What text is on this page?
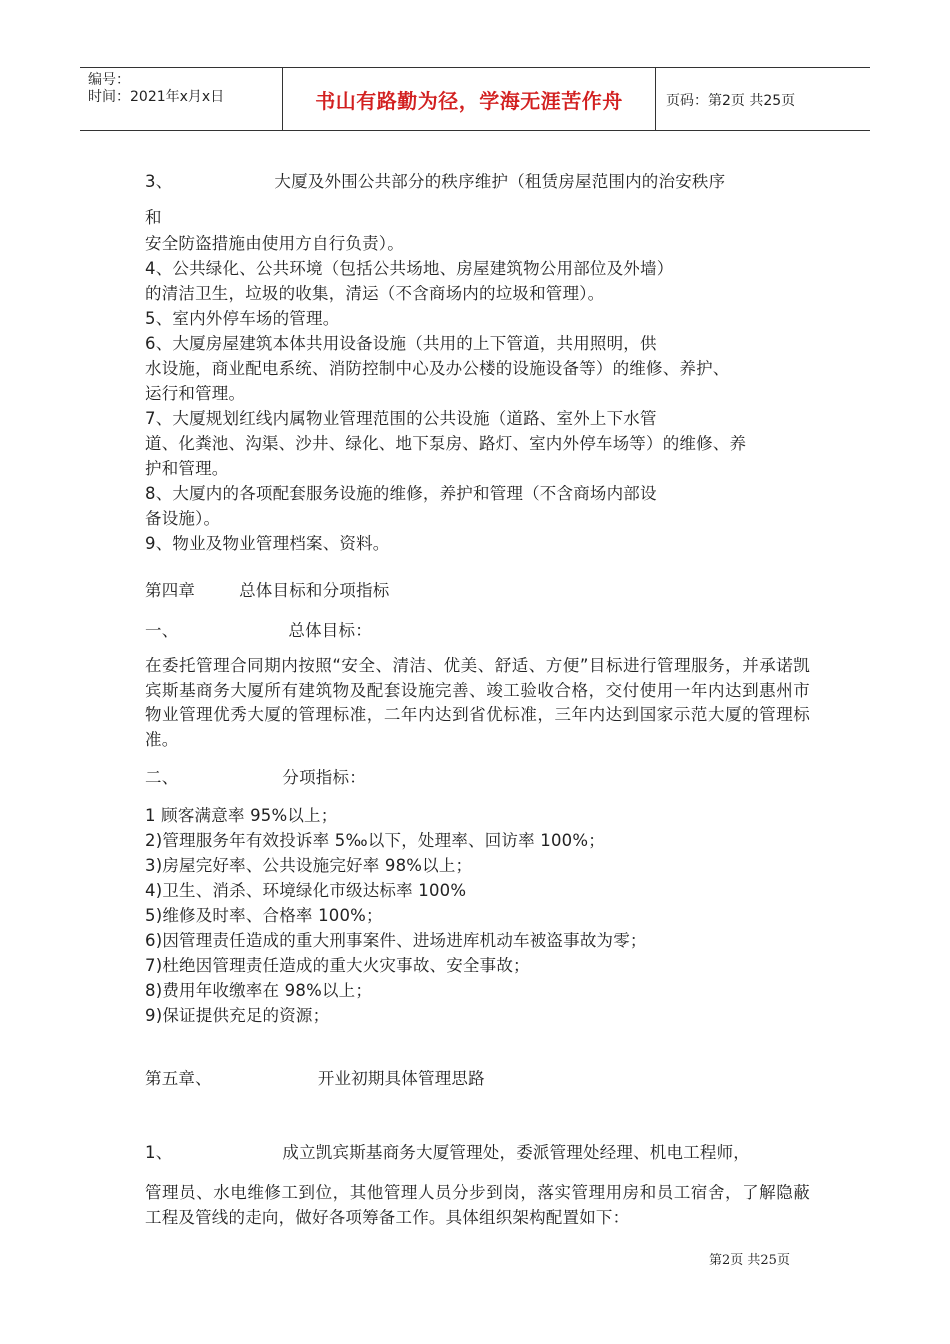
编号：
时间：2021年x月x日	书山有路勤为径，学海无涯苦作舟	页码：第2页 共25页
3、	大厦及外围公共部分的秩序维护（租赁房屋范围内的治安秩序
和
安全防盗措施由使用方自行负责）。
4、公共绿化、公共环境（包括公共场地、房屋建筑物公用部位及外墙）
的清洁卫生，垃圾的收集，清运（不含商场内的垃圾和管理）。
5、室内外停车场的管理。
6、大厦房屋建筑本体共用设备设施（共用的上下管道，共用照明，供
水设施，商业配电系统、消防控制中心及办公楼的设施设备等）的维修、养护、
运行和管理。
7、大厦规划红线内属物业管理范围的公共设施（道路、室外上下水管
道、化粪池、沟渠、沙井、绿化、地下泵房、路灯、室内外停车场等）的维修、养
护和管理。
8、大厦内的各项配套服务设施的维修，养护和管理（不含商场内部设
备设施）。
9、物业及物业管理档案、资料。
第四章	总体目标和分项指标
一、	总体目标：
在委托管理合同期内按照“安全、清洁、优美、舒适、方便”目标进行管理服务，并承诺凯宾斯基商务大厦所有建筑物及配套设施完善、竣工验收合格，交付使用一年内达到惠州市物业管理优秀大厦的管理标准，二年内达到省优标准，三年内达到国家示范大厦的管理标准。
二、	分项指标：
1 顾客满意率 95%以上；
2)管理服务年有效投诉率 5‰以下，处理率、回访率 100%；
3)房屋完好率、公共设施完好率 98%以上；
4)卫生、消杀、环境绿化市级达标率 100%
5)维修及时率、合格率 100%；
6)因管理责任造成的重大刑事案件、进场进库机动车被盗事故为零；
7)杜绝因管理责任造成的重大火灾事故、安全事故；
8)费用年收缴率在 98%以上；
9)保证提供充足的资源；
第五章、	开业初期具体管理思路
1、	成立凯宾斯基商务大厦管理处，委派管理处经理、机电工程师，
管理员、水电维修工到位，其他管理人员分步到岗，落实管理用房和员工宿舍，了解隐蔽工程及管线的走向，做好各项筹备工作。具体组织架构配置如下：
第2页 共25页
